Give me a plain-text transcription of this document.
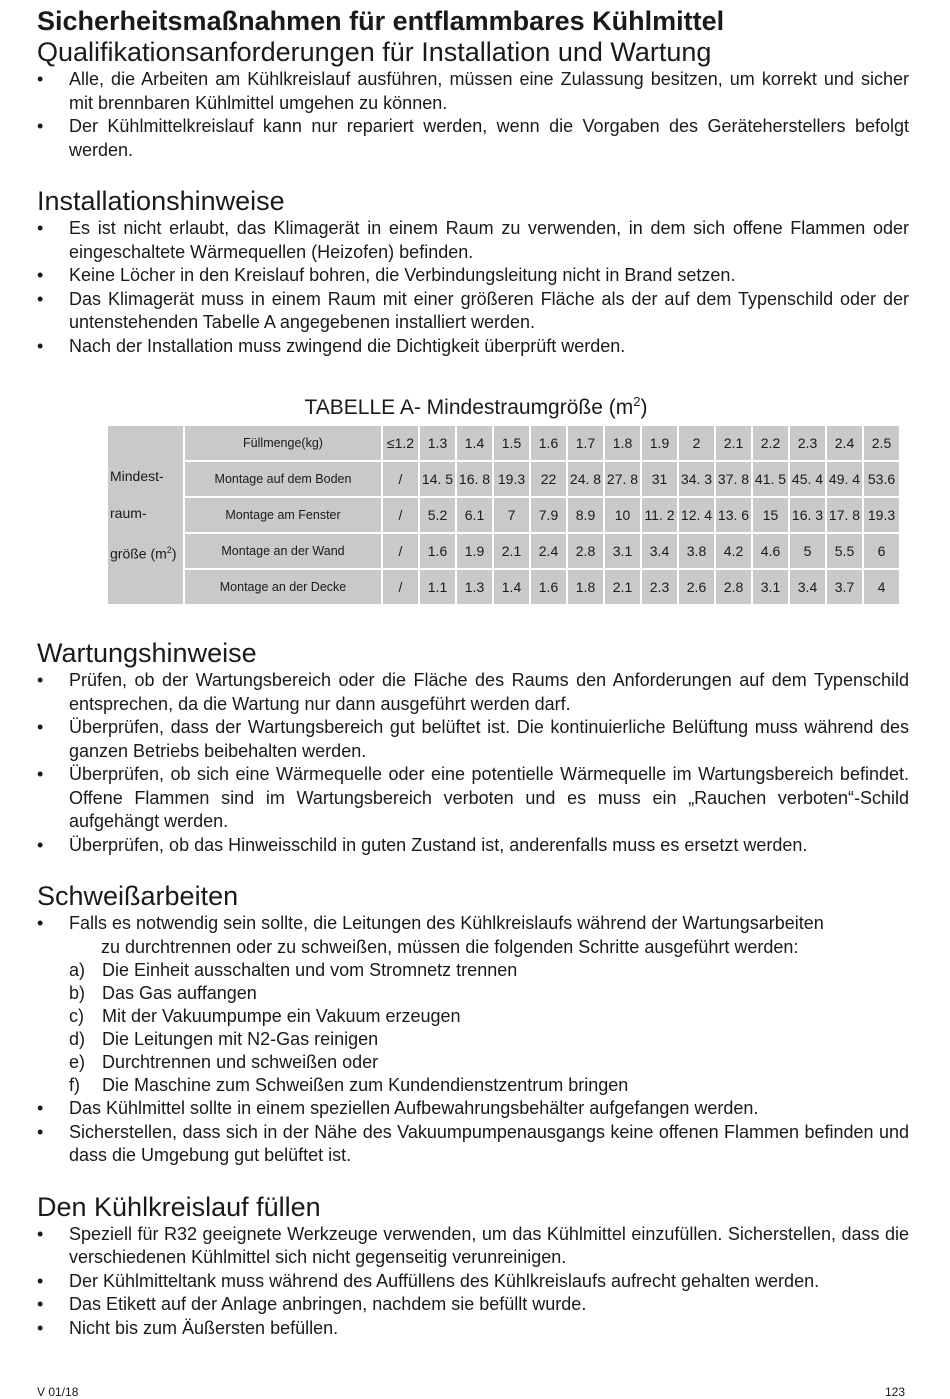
Sicherheitsmaßnahmen für entflammbares Kühlmittel
Qualifikationsanforderungen für Installation und Wartung
• Alle, die Arbeiten am Kühlkreislauf ausführen, müssen eine Zulassung besitzen, um korrekt und sicher mit brennbaren Kühlmittel umgehen zu können.
• Der Kühlmittelkreislauf kann nur repariert werden, wenn die Vorgaben des Geräteherstellers befolgt werden.
Installationshinweise
• Es ist nicht erlaubt, das Klimagerät in einem Raum zu verwenden, in dem sich offene Flammen oder eingeschaltete Wärmequellen (Heizofen) befinden.
• Keine Löcher in den Kreislauf bohren, die Verbindungsleitung nicht in Brand setzen.
• Das Klimagerät muss in einem Raum mit einer größeren Fläche als der auf dem Typenschild oder der untenstehenden Tabelle A angegebenen installiert werden.
• Nach der Installation muss zwingend die Dichtigkeit überprüft werden.
TABELLE A- Mindestraumgröße $(m^2)$
Mindest-
raum-
größe $(m^2)$	Füllmenge(kg)	≤1.2	1.3	1.4	1.5	1.6	1.7	1.8	1.9	2	2.1	2.2	2.3	2.4	2.5
	Montage auf dem Boden	/	14. 5	16. 8	19.3	22	24. 8	27. 8	31	34. 3	37. 8	41. 5	45. 4	49. 4	53.6
	Montage am Fenster	/	5.2	6.1	7	7.9	8.9	10	11. 2	12. 4	13. 6	15	16. 3	17. 8	19.3
	Montage an der Wand	/	1.6	1.9	2.1	2.4	2.8	3.1	3.4	3.8	4.2	4.6	5	5.5	6
	Montage an der Decke	/	1.1	1.3	1.4	1.6	1.8	2.1	2.3	2.6	2.8	3.1	3.4	3.7	4
Wartungshinweise
• Prüfen, ob der Wartungsbereich oder die Fläche des Raums den Anforderungen auf dem Typenschild entsprechen, da die Wartung nur dann ausgeführt werden darf.
• Überprüfen, dass der Wartungsbereich gut belüftet ist. Die kontinuierliche Belüftung muss während des ganzen Betriebs beibehalten werden.
• Überprüfen, ob sich eine Wärmequelle oder eine potentielle Wärmequelle im Wartungsbereich befindet. Offene Flammen sind im Wartungsbereich verboten und es muss ein „Rauchen verboten“-Schild aufgehängt werden.
• Überprüfen, ob das Hinweisschild in guten Zustand ist, anderenfalls muss es ersetzt werden.
Schweißarbeiten
• Falls es notwendig sein sollte, die Leitungen des Kühlkreislaufs während der Wartungsarbeiten
zu durchtrennen oder zu schweißen, müssen die folgenden Schritte ausgeführt werden:
a) Die Einheit ausschalten und vom Stromnetz trennen
b) Das Gas auffangen
c) Mit der Vakuumpumpe ein Vakuum erzeugen
d) Die Leitungen mit N2-Gas reinigen
e) Durchtrennen und schweißen oder
f) Die Maschine zum Schweißen zum Kundendienstzentrum bringen
• Das Kühlmittel sollte in einem speziellen Aufbewahrungsbehälter aufgefangen werden.
• Sicherstellen, dass sich in der Nähe des Vakuumpumpenausgangs keine offenen Flammen befinden und dass die Umgebung gut belüftet ist.
Den Kühlkreislauf füllen
• Speziell für R32 geeignete Werkzeuge verwenden, um das Kühlmittel einzufüllen. Sicherstellen, dass die verschiedenen Kühlmittel sich nicht gegenseitig verunreinigen.
• Der Kühlmitteltank muss während des Auffüllens des Kühlkreislaufs aufrecht gehalten werden.
• Das Etikett auf der Anlage anbringen, nachdem sie befüllt wurde.
• Nicht bis zum Äußersten befüllen.
V 01/18	123
